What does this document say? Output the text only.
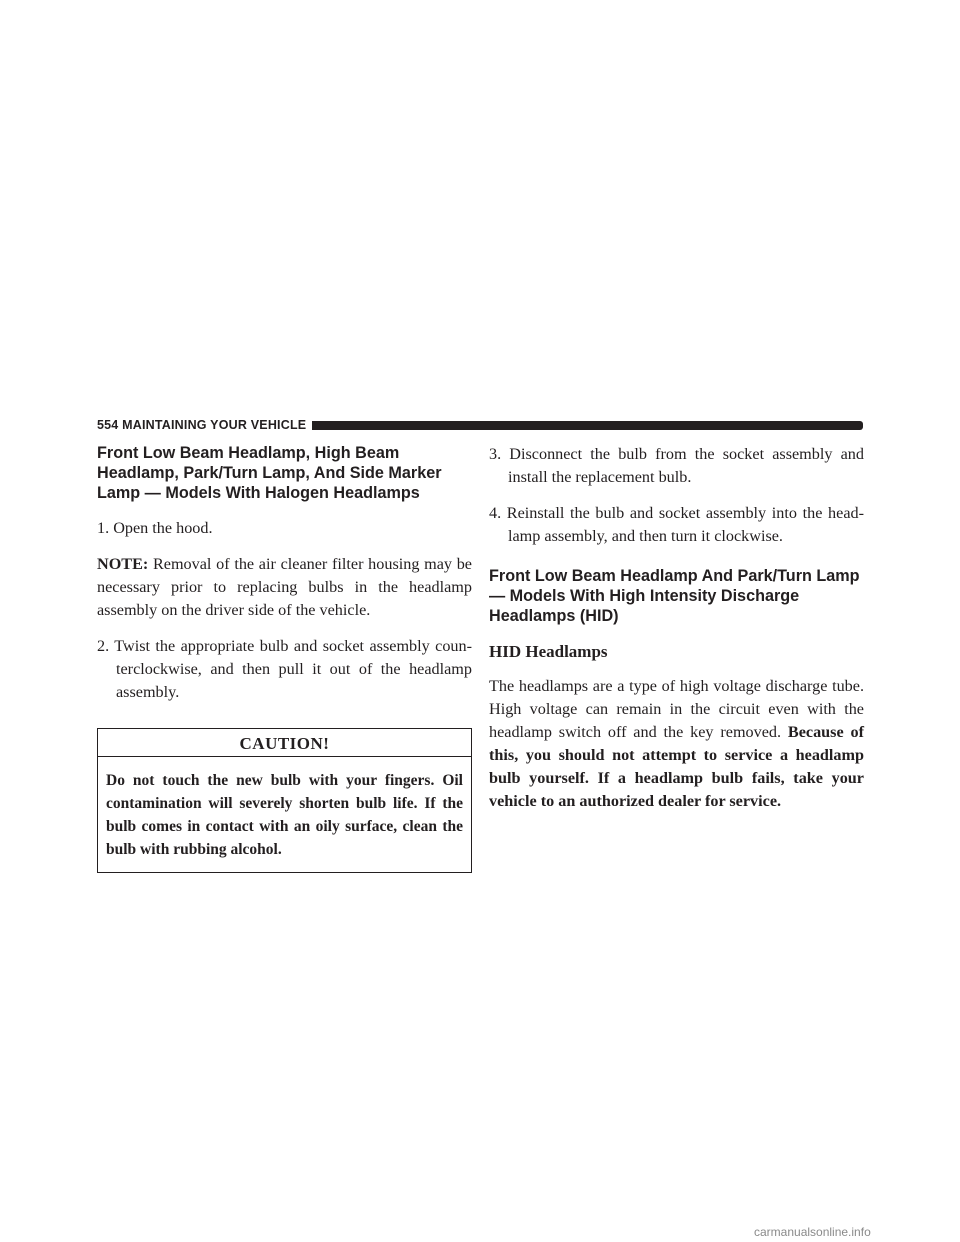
554 MAINTAINING YOUR VEHICLE
Front Low Beam Headlamp, High Beam Headlamp, Park/Turn Lamp, And Side Marker Lamp — Models With Halogen Headlamps

1. Open the hood.

NOTE: Removal of the air cleaner filter housing may be necessary prior to replacing bulbs in the headlamp assembly on the driver side of the vehicle.

2. Twist the appropriate bulb and socket assembly coun-terclockwise, and then pull it out of the headlamp assembly.

CAUTION!
Do not touch the new bulb with your fingers. Oil contamination will severely shorten bulb life. If the bulb comes in contact with an oily surface, clean the bulb with rubbing alcohol.

3. Disconnect the bulb from the socket assembly and install the replacement bulb.

4. Reinstall the bulb and socket assembly into the head-lamp assembly, and then turn it clockwise.

Front Low Beam Headlamp And Park/Turn Lamp — Models With High Intensity Discharge Headlamps (HID)
HID Headlamps

The headlamps are a type of high voltage discharge tube. High voltage can remain in the circuit even with the headlamp switch off and the key removed. Because of this, you should not attempt to service a headlamp bulb yourself. If a headlamp bulb fails, take your vehicle to an authorized dealer for service.

carmanualsonline.info
